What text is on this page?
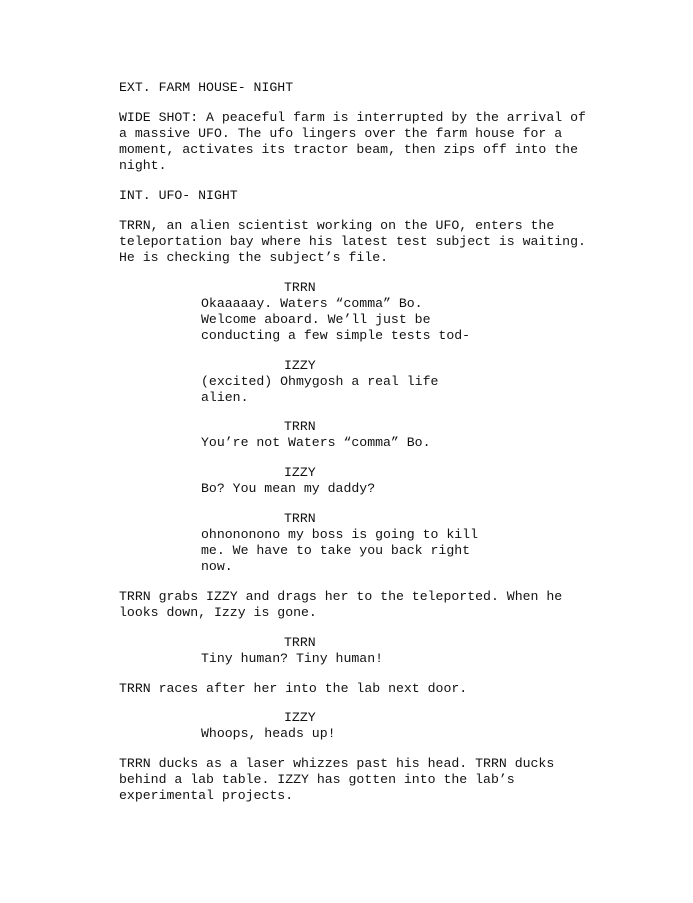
EXT. FARM HOUSE- NIGHT

WIDE SHOT: A peaceful farm is interrupted by the arrival of
a massive UFO. The ufo lingers over the farm house for a
moment, activates its tractor beam, then zips off into the
night.

INT. UFO- NIGHT

TRRN, an alien scientist working on the UFO, enters the
teleportation bay where his latest test subject is waiting.
He is checking the subject’s file.

TRRN

Okaaaaay. Waters “comma” Bo.
Welcome aboard. We’ll just be
conducting a few simple tests tod-

IZZY

(excited) Ohmygosh a real life
alien.

TRRN

You’re not Waters “comma” Bo.

IZZY

Bo? You mean my daddy?

TRRN

ohnononono my boss is going to kill
me. We have to take you back right
now.

TRRN grabs IZZY and drags her to the teleported. When he
looks down, Izzy is gone.

TRRN

Tiny human? Tiny human!

TRRN races after her into the lab next door.

IZZY

Whoops, heads up!

TRRN ducks as a laser whizzes past his head. TRRN ducks
behind a lab table. IZZY has gotten into the lab’s
experimental projects.
